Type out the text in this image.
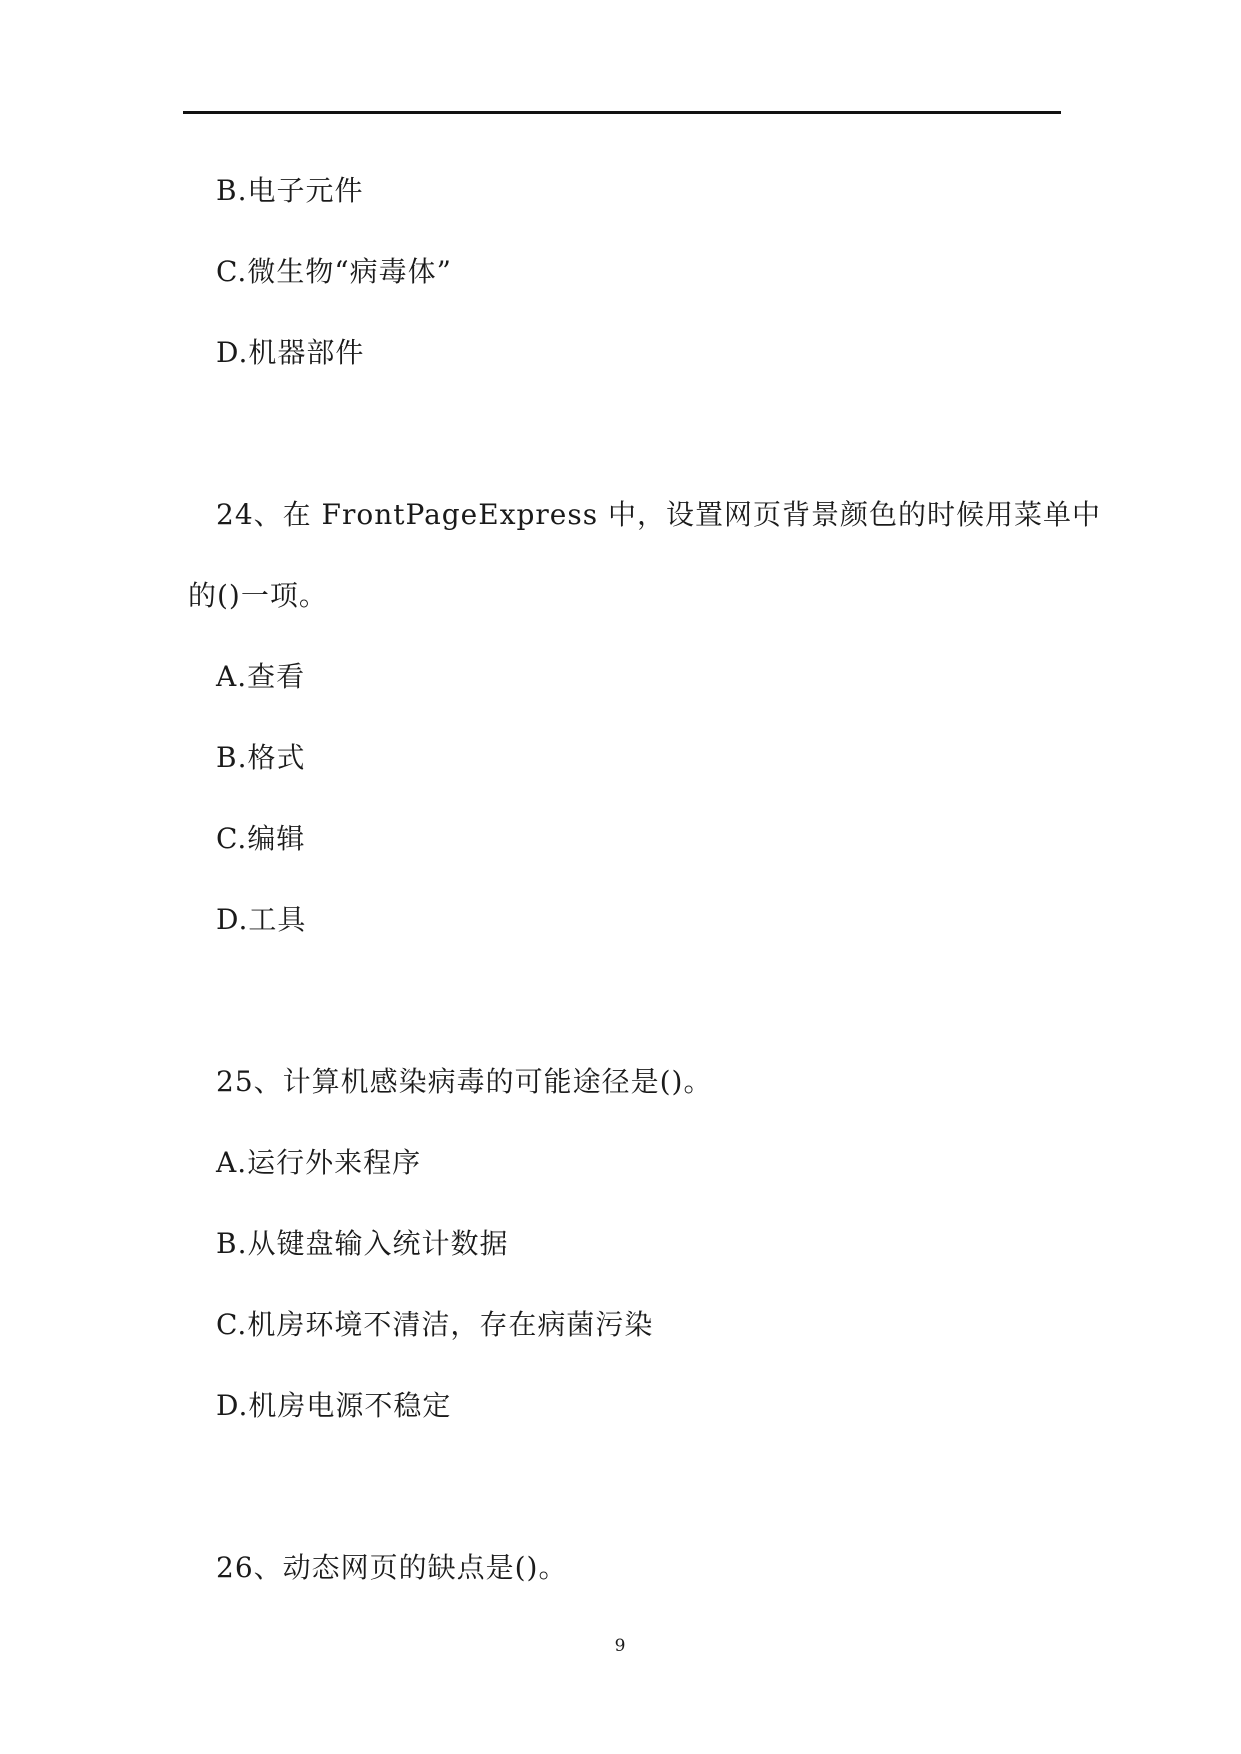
B.电子元件
C.微生物“病毒体”
D.机器部件
24、在 FrontPageExpress 中，设置网页背景颜色的时候用菜单中
的()一项。
A.查看
B.格式
C.编辑
D.工具
25、计算机感染病毒的可能途径是()。
A.运行外来程序
B.从键盘输入统计数据
C.机房环境不清洁，存在病菌污染
D.机房电源不稳定
26、动态网页的缺点是()。
9
